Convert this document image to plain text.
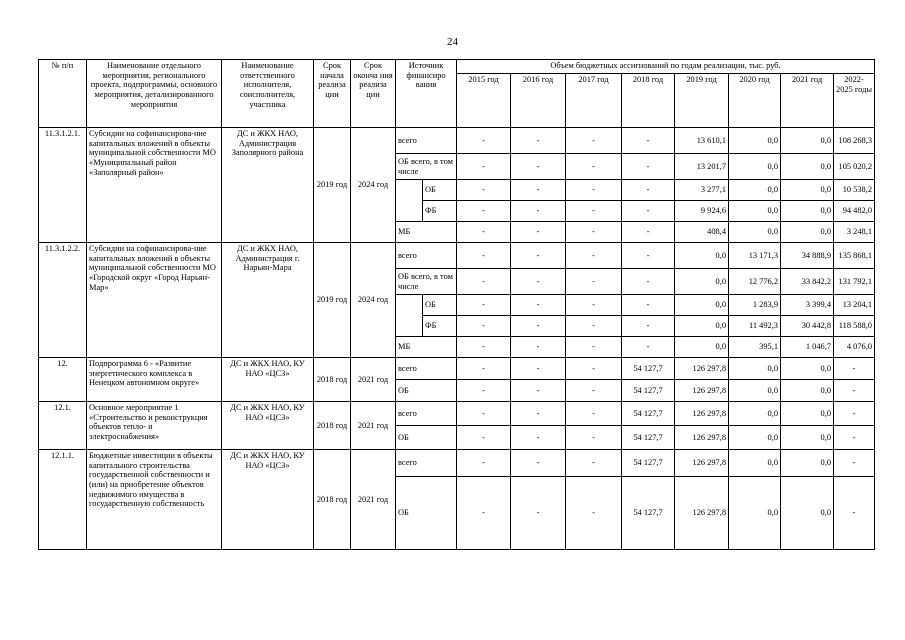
24
№ п/п	Наименование отдельного мероприятия, регионального проекта, подпрограммы, основного мероприятия, детализированного мероприятия	Наименование ответственного исполнителя, соисполнителя, участника	Срок начала реализа ции	Срок оконча ния реализа ции	Источник финансиро вания		Объем бюджетных ассигнований по годам реализации, тыс. руб.							
							2015 год	2016 год	2017 год	2018 год	2019 год	2020 год	2021 год	2022-2025 годы
11.3.1.2.1.	Субсидии на софинансирова-ние капитальных вложений в объекты муниципальной собственности МО «Муниципальный район «Заполярный район»	ДС и ЖКХ НАО, Администрация Заполярного района	2019 год	2024 год	всего		-	-	-	-	13 610,1	0,0	0,0	108 268,3
					ОБ всего, в том числе		-	-	-	-	13 201,7	0,0	0,0	105 020,2
						ОБ	-	-	-	-	3 277,1	0,0	0,0	10 538,2
						ФБ	-	-	-	-	9 924,6	0,0	0,0	94 482,0
					МБ		-	-	-	-	408,4	0,0	0,0	3 248,1
11.3.1.2.2.	Субсидии на софинансирова-ние капитальных вложений в объекты муниципальной собственности МО «Городской округ «Город Нарьян-Мар»	ДС и ЖКХ НАО, Администрация г. Нарьян-Мара	2019 год	2024 год	всего		-	-	-	-	0,0	13 171,3	34 888,9	135 868,1
					ОБ всего, в том числе		-	-	-	-	0,0	12 776,2	33 842,2	131 792,1
						ОБ	-	-	-	-	0,0	1 283,9	3 399,4	13 204,1
						ФБ	-	-	-	-	0,0	11 492,3	30 442,8	118 588,0
					МБ		-	-	-	-	0,0	395,1	1 046,7	4 076,0
12.	Подпрограмма 6 - «Развитие энергетического комплекса в Ненецком автономном округе»	ДС и ЖКХ НАО, КУ НАО «ЦСЗ»	2018 год	2021 год	всего		-	-	-	54 127,7	126 297,8	0,0	0,0	-
					ОБ		-	-	-	54 127,7	126 297,8	0,0	0,0	-
12.1.	Основное мероприятие 1 «Строительство и реконструкция объектов тепло- и электроснабжения»	ДС и ЖКХ НАО, КУ НАО «ЦСЗ»	2018 год	2021 год	всего		-	-	-	54 127,7	126 297,8	0,0	0,0	-
					ОБ		-	-	-	54 127,7	126 297,8	0,0	0,0	-
12.1.1.	Бюджетные инвестиции в объекты капитального строительства государственной собственности и (или) на приобретение объектов недвижимого имущества в государственную собственность	ДС и ЖКХ НАО, КУ НАО «ЦСЗ»	2018 год	2021 год	всего		-	-	-	54 127,7	126 297,8	0,0	0,0	-
					ОБ		-	-	-	54 127,7	126 297,8	0,0	0,0	-
